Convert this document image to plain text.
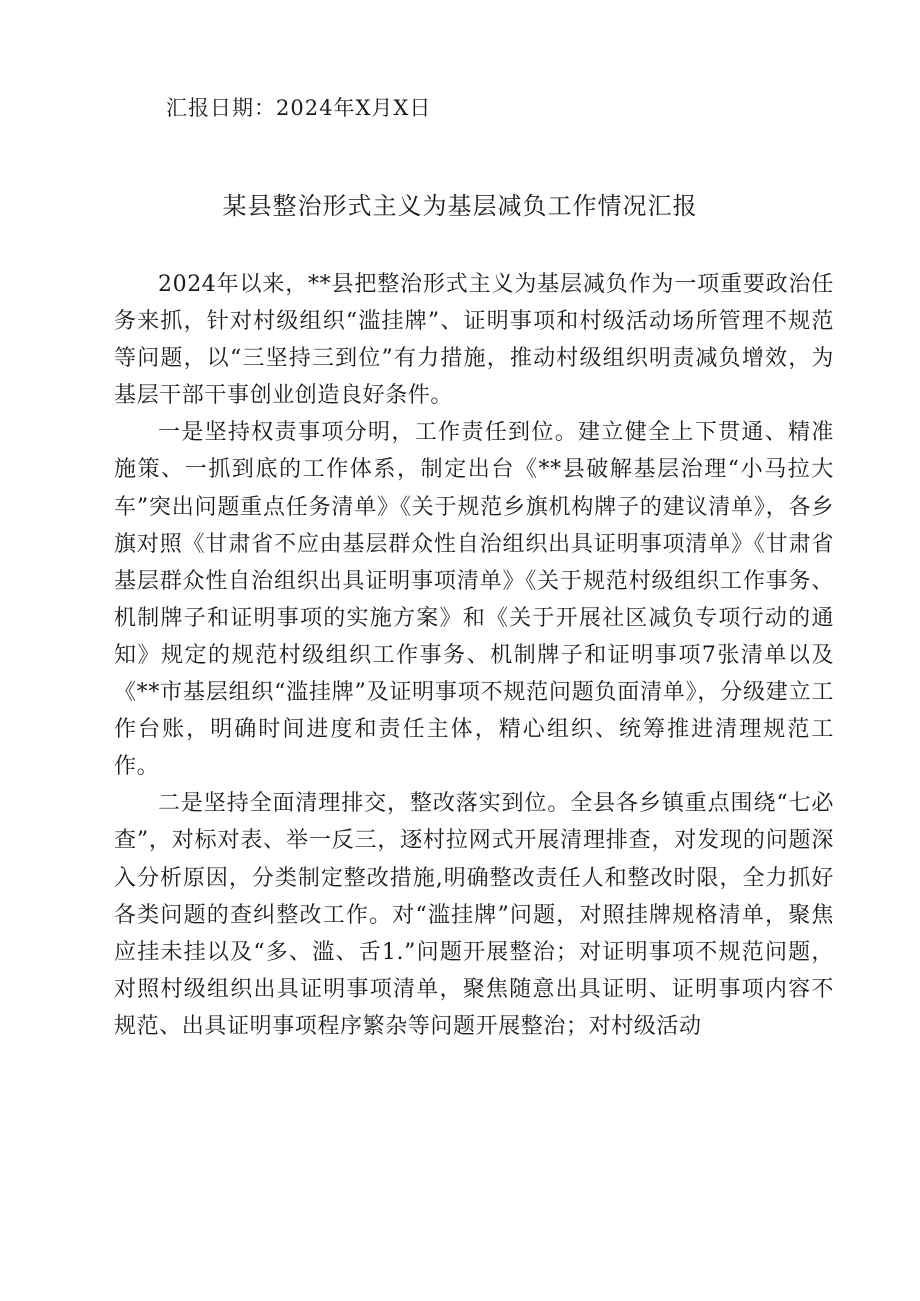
汇报日期：2024年X月X日
某县整治形式主义为基层减负工作情况汇报

2024年以来，**县把整治形式主义为基层减负作为一项重要政治任务来抓，针对村级组织“滥挂牌”、证明事项和村级活动场所管理不规范等问题，以“三坚持三到位”有力措施，推动村级组织明责减负增效，为基层干部干事创业创造良好条件。

一是坚持权责事项分明，工作责任到位。建立健全上下贯通、精准施策、一抓到底的工作体系，制定出台《**县破解基层治理“小马拉大车”突出问题重点任务清单》《关于规范乡旗机构牌子的建议清单》，各乡旗对照《甘肃省不应由基层群众性自治组织出具证明事项清单》《甘肃省基层群众性自治组织出具证明事项清单》《关于规范村级组织工作事务、机制牌子和证明事项的实施方案》和《关于开展社区减负专项行动的通知》规定的规范村级组织工作事务、机制牌子和证明事项7张清单以及《**市基层组织“滥挂牌”及证明事项不规范问题负面清单》，分级建立工作台账，明确时间进度和责任主体，精心组织、统筹推进清理规范工作。

二是坚持全面清理排交，整改落实到位。全县各乡镇重点围绕“七必查”，对标对表、举一反三，逐村拉网式开展清理排查，对发现的问题深入分析原因，分类制定整改措施,明确整改责任人和整改时限，全力抓好各类问题的查纠整改工作。对“滥挂牌”问题，对照挂牌规格清单，聚焦应挂未挂以及“多、滥、舌1.”问题开展整治；对证明事项不规范问题，对照村级组织出具证明事项清单，聚焦随意出具证明、证明事项内容不规范、出具证明事项程序繁杂等问题开展整治；对村级活动
